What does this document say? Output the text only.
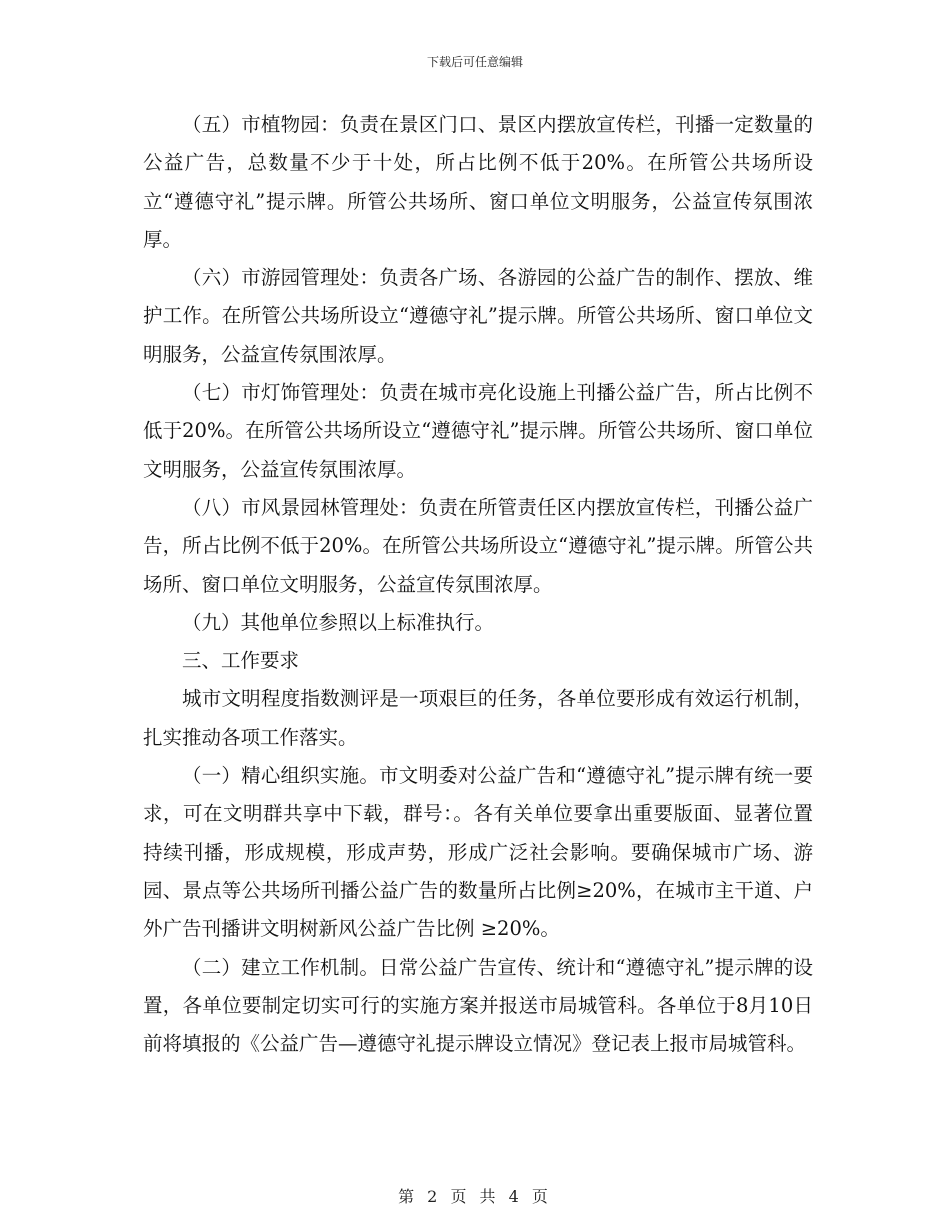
下载后可任意编辑

（五）市植物园：负责在景区门口、景区内摆放宣传栏，刊播一定数量的公益广告，总数量不少于十处，所占比例不低于20%。在所管公共场所设立“遵德守礼”提示牌。所管公共场所、窗口单位文明服务，公益宣传氛围浓厚。

（六）市游园管理处：负责各广场、各游园的公益广告的制作、摆放、维护工作。在所管公共场所设立“遵德守礼”提示牌。所管公共场所、窗口单位文明服务，公益宣传氛围浓厚。

（七）市灯饰管理处：负责在城市亮化设施上刊播公益广告，所占比例不低于20%。在所管公共场所设立“遵德守礼”提示牌。所管公共场所、窗口单位文明服务，公益宣传氛围浓厚。

（八）市风景园林管理处：负责在所管责任区内摆放宣传栏，刊播公益广告，所占比例不低于20%。在所管公共场所设立“遵德守礼”提示牌。所管公共场所、窗口单位文明服务，公益宣传氛围浓厚。

（九）其他单位参照以上标准执行。

三、工作要求

城市文明程度指数测评是一项艰巨的任务，各单位要形成有效运行机制，扎实推动各项工作落实。

（一）精心组织实施。市文明委对公益广告和“遵德守礼”提示牌有统一要求，可在文明群共享中下载，群号：。各有关单位要拿出重要版面、显著位置持续刊播，形成规模，形成声势，形成广泛社会影响。要确保城市广场、游园、景点等公共场所刊播公益广告的数量所占比例≥20%，在城市主干道、户外广告刊播讲文明树新风公益广告比例 ≥20%。

（二）建立工作机制。日常公益广告宣传、统计和“遵德守礼”提示牌的设置，各单位要制定切实可行的实施方案并报送市局城管科。各单位于8月10日前将填报的《公益广告—遵德守礼提示牌设立情况》登记表上报市局城管科。

第 2 页 共 4 页
